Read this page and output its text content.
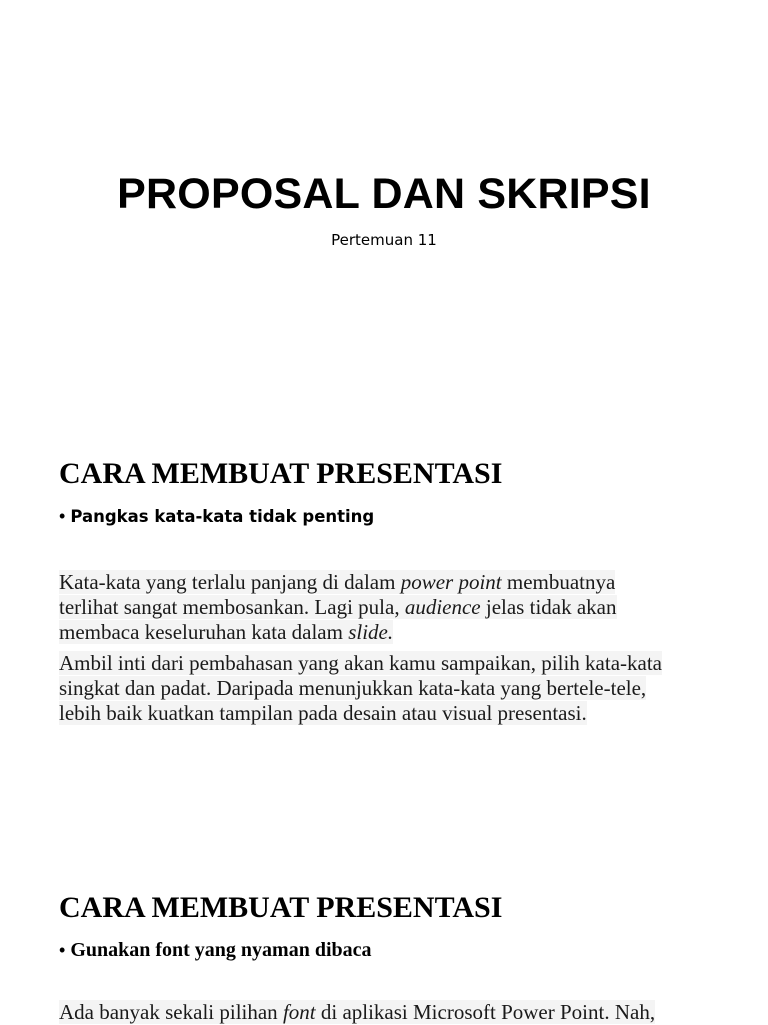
PROPOSAL DAN SKRIPSI
Pertemuan 11
CARA MEMBUAT PRESENTASI
• Pangkas kata-kata tidak penting
Kata-kata yang terlalu panjang di dalam power point membuatnya
terlihat sangat membosankan. Lagi pula, audience jelas tidak akan
membaca keseluruhan kata dalam slide.
Ambil inti dari pembahasan yang akan kamu sampaikan, pilih kata-kata
singkat dan padat. Daripada menunjukkan kata-kata yang bertele-tele,
lebih baik kuatkan tampilan pada desain atau visual presentasi.
CARA MEMBUAT PRESENTASI
• Gunakan font yang nyaman dibaca
Ada banyak sekali pilihan font di aplikasi Microsoft Power Point. Nah,
